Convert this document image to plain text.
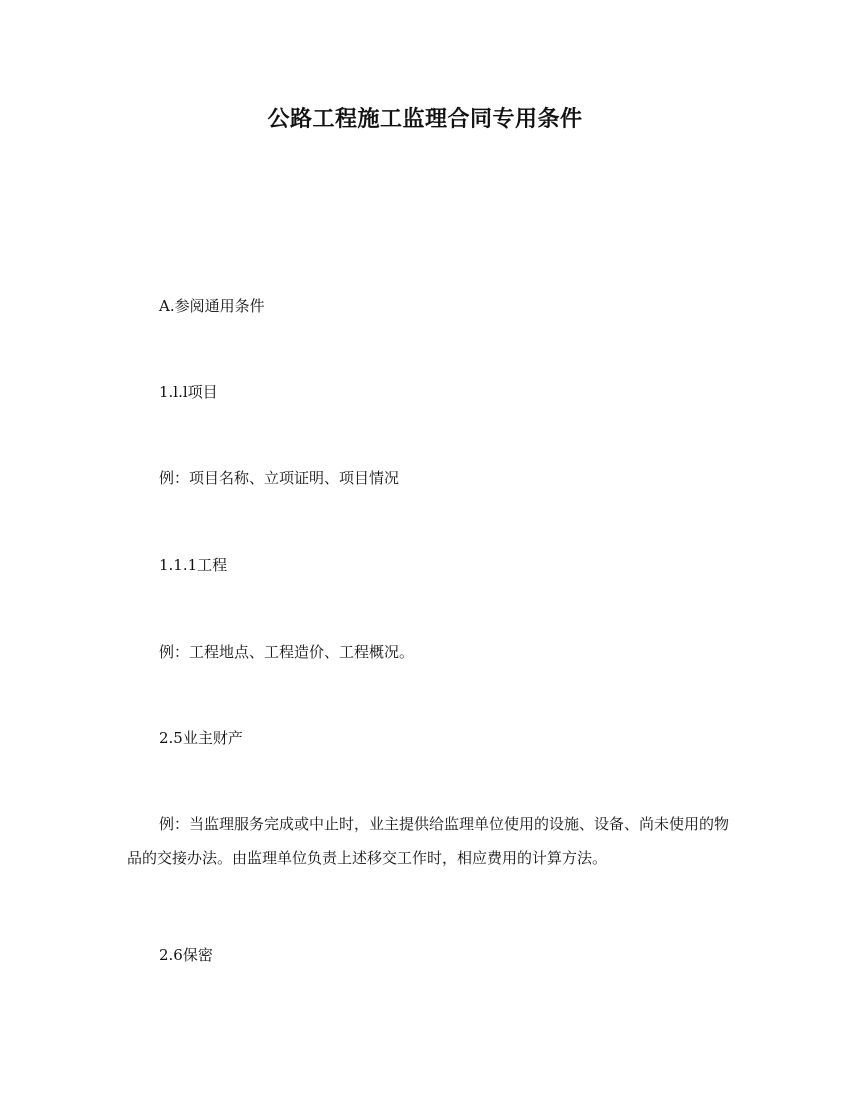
公路工程施工监理合同专用条件
A.参阅通用条件
1.l.l项目
例：项目名称、立项证明、项目情况
1.1.1工程
例：工程地点、工程造价、工程概况。
2.5业主财产
例：当监理服务完成或中止时，业主提供给监理单位使用的设施、设备、尚未使用的物品的交接办法。由监理单位负责上述移交工作时，相应费用的计算方法。
2.6保密
